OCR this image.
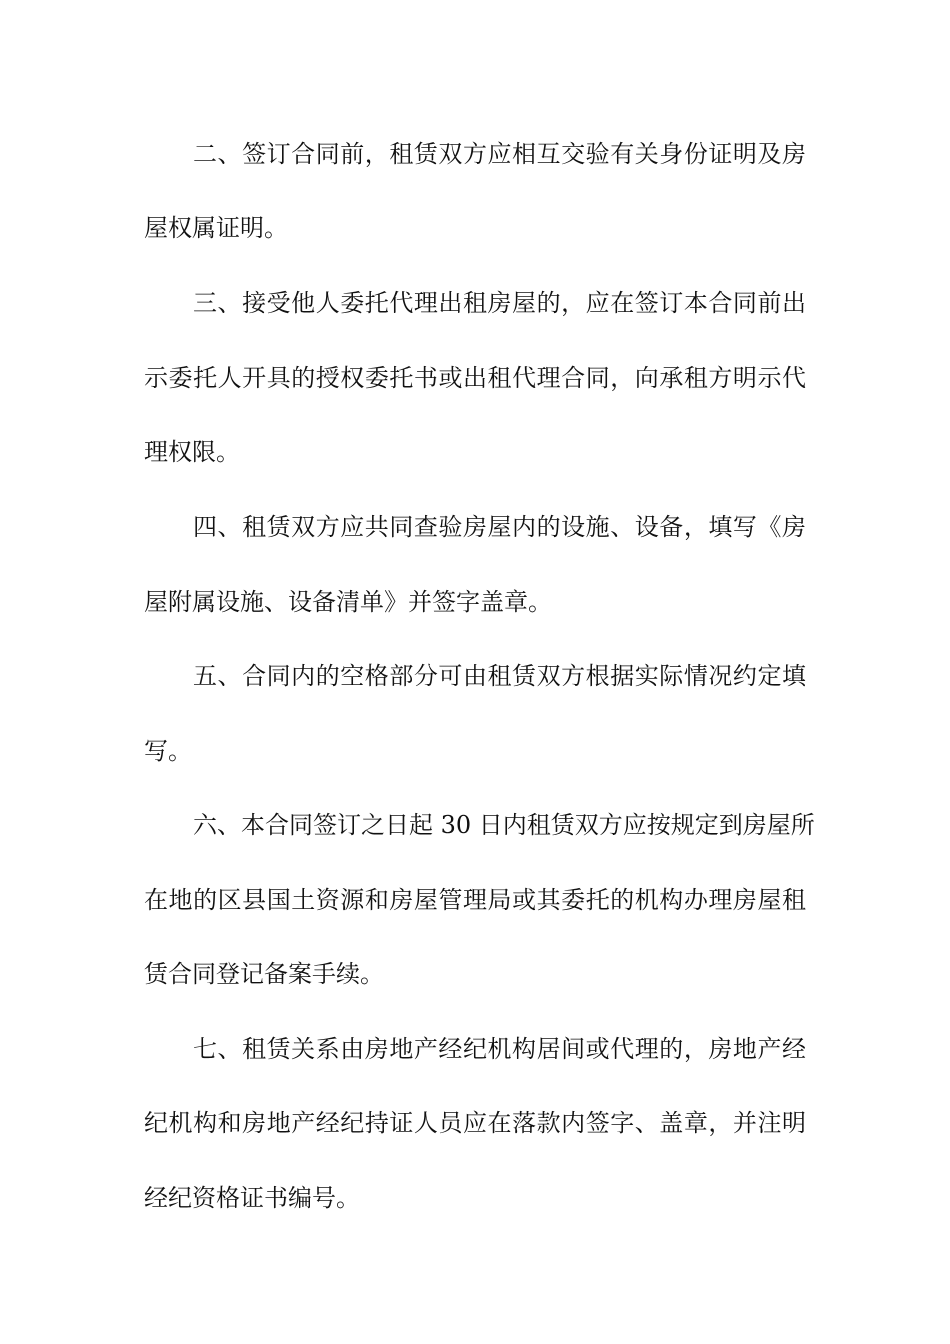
二、签订合同前，租赁双方应相互交验有关身份证明及房
屋权属证明。
三、接受他人委托代理出租房屋的，应在签订本合同前出
示委托人开具的授权委托书或出租代理合同，向承租方明示代
理权限。
四、租赁双方应共同查验房屋内的设施、设备，填写《房
屋附属设施、设备清单》并签字盖章。
五、合同内的空格部分可由租赁双方根据实际情况约定填
写。
六、本合同签订之日起 30 日内租赁双方应按规定到房屋所
在地的区县国土资源和房屋管理局或其委托的机构办理房屋租
赁合同登记备案手续。
七、租赁关系由房地产经纪机构居间或代理的，房地产经
纪机构和房地产经纪持证人员应在落款内签字、盖章，并注明
经纪资格证书编号。
